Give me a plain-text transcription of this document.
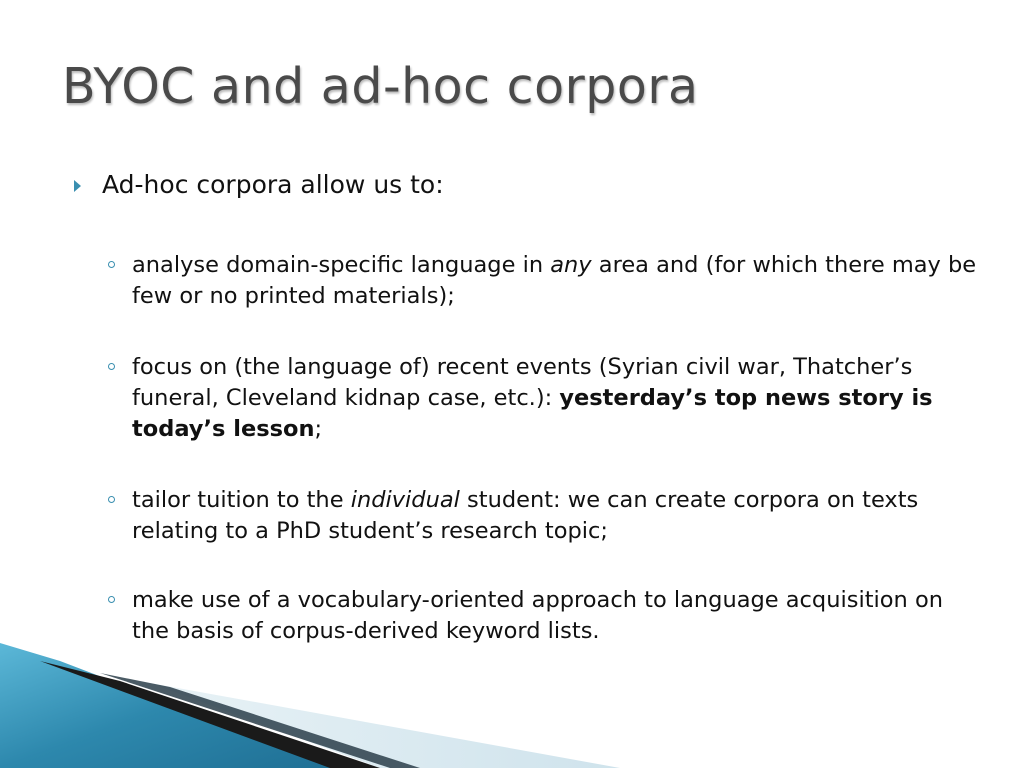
BYOC and ad-hoc corpora
Ad-hoc corpora allow us to:
analyse domain-specific language in any area and (for which there may be few or no printed materials);
focus on (the language of) recent events (Syrian civil war, Thatcher’s funeral, Cleveland kidnap case, etc.): yesterday’s top news story is today’s lesson;
tailor tuition to the individual student: we can create corpora on texts relating to a PhD student’s research topic;
make use of a vocabulary-oriented approach to language acquisition on the basis of corpus-derived keyword lists.
